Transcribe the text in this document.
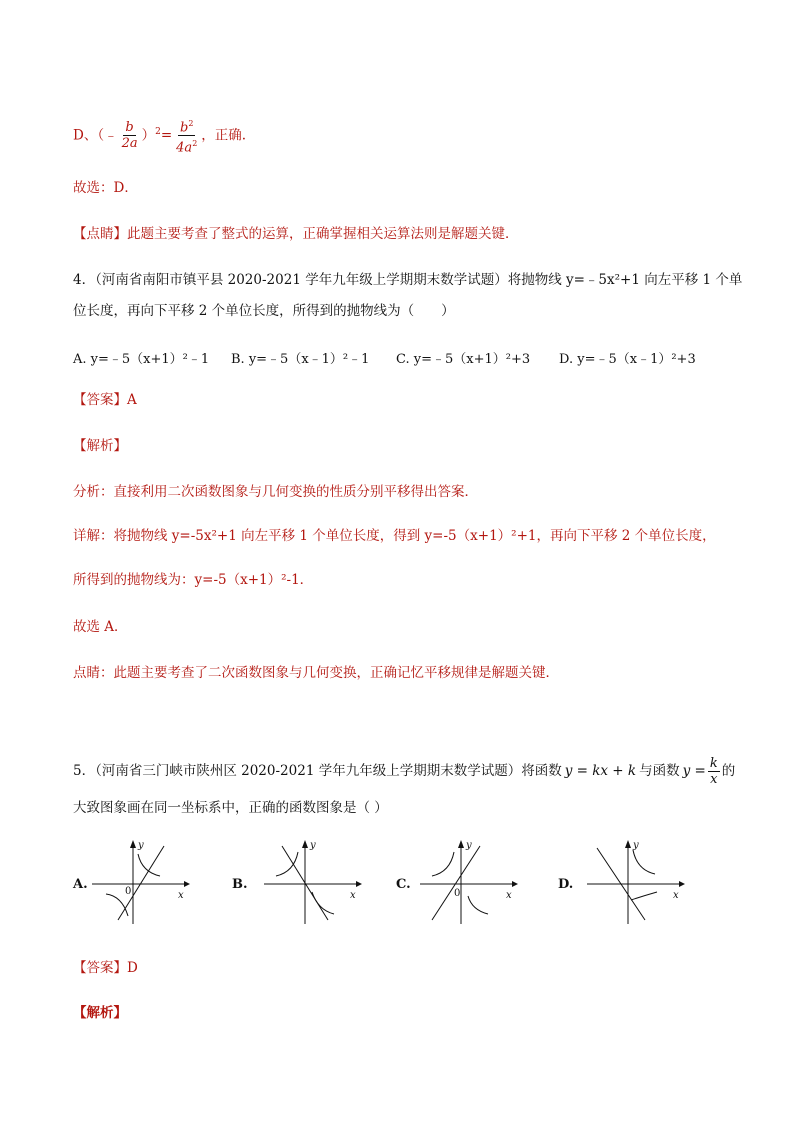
D、（﹣ $\frac{b}{2a} )^2= \frac{b^2}{4a^2}$ ，正确.
故选：D．
【点睛】此题主要考查了整式的运算，正确掌握相关运算法则是解题关键．
4．（河南省南阳市镇平县 2020-2021 学年九年级上学期期末数学试题）将抛物线 y=﹣5x²+1 向左平移 1 个单
位长度，再向下平移 2 个单位长度，所得到的抛物线为（　　）
A. y=﹣5（x+1）²﹣1 B. y=﹣5（x﹣1）²﹣1 C. y=﹣5（x+1）²+3 D. y=﹣5（x﹣1）²+3
【答案】A
【解析】
分析：直接利用二次函数图象与几何变换的性质分别平移得出答案．
详解：将抛物线 y=-5x²+1 向左平移 1 个单位长度，得到 y=-5（x+1）²+1，再向下平移 2 个单位长度，
所得到的抛物线为：y=-5（x+1）²-1．
故选 A．
点睛：此题主要考查了二次函数图象与几何变换，正确记忆平移规律是解题关键．
5．（河南省三门峡市陕州区 2020-2021 学年九年级上学期期末数学试题）将函数 y = kx + k 与函数 $y = \frac{k}{x}$ 的
大致图象画在同一坐标系中，正确的函数图象是（ ）
A.
y
x
0	B.
y
x
C.
y
x
0
D.
y
x
【答案】D
【解析】
